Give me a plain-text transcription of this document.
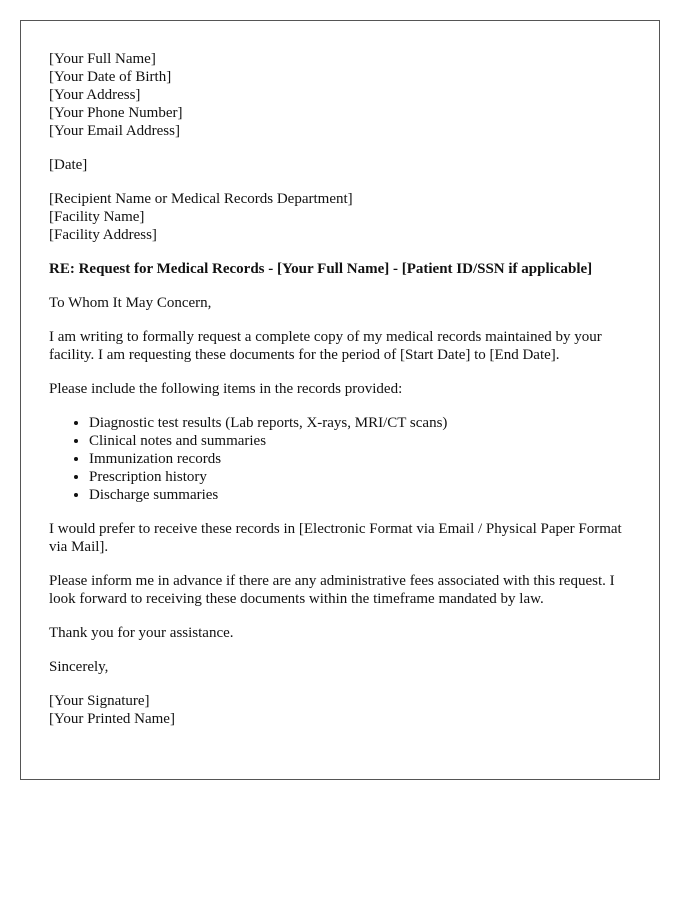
[Your Full Name]
[Your Date of Birth]
[Your Address]
[Your Phone Number]
[Your Email Address]
[Date]
[Recipient Name or Medical Records Department]
[Facility Name]
[Facility Address]
RE: Request for Medical Records - [Your Full Name] - [Patient ID/SSN if applicable]

To Whom It May Concern,

I am writing to formally request a complete copy of my medical records maintained by your facility. I am requesting these documents for the period of [Start Date] to [End Date].

Please include the following items in the records provided:

• Diagnostic test results (Lab reports, X-rays, MRI/CT scans)
• Clinical notes and summaries
• Immunization records
• Prescription history
• Discharge summaries

I would prefer to receive these records in [Electronic Format via Email / Physical Paper Format via Mail].

Please inform me in advance if there are any administrative fees associated with this request. I look forward to receiving these documents within the timeframe mandated by law.

Thank you for your assistance.

Sincerely,

[Your Signature]
[Your Printed Name]
